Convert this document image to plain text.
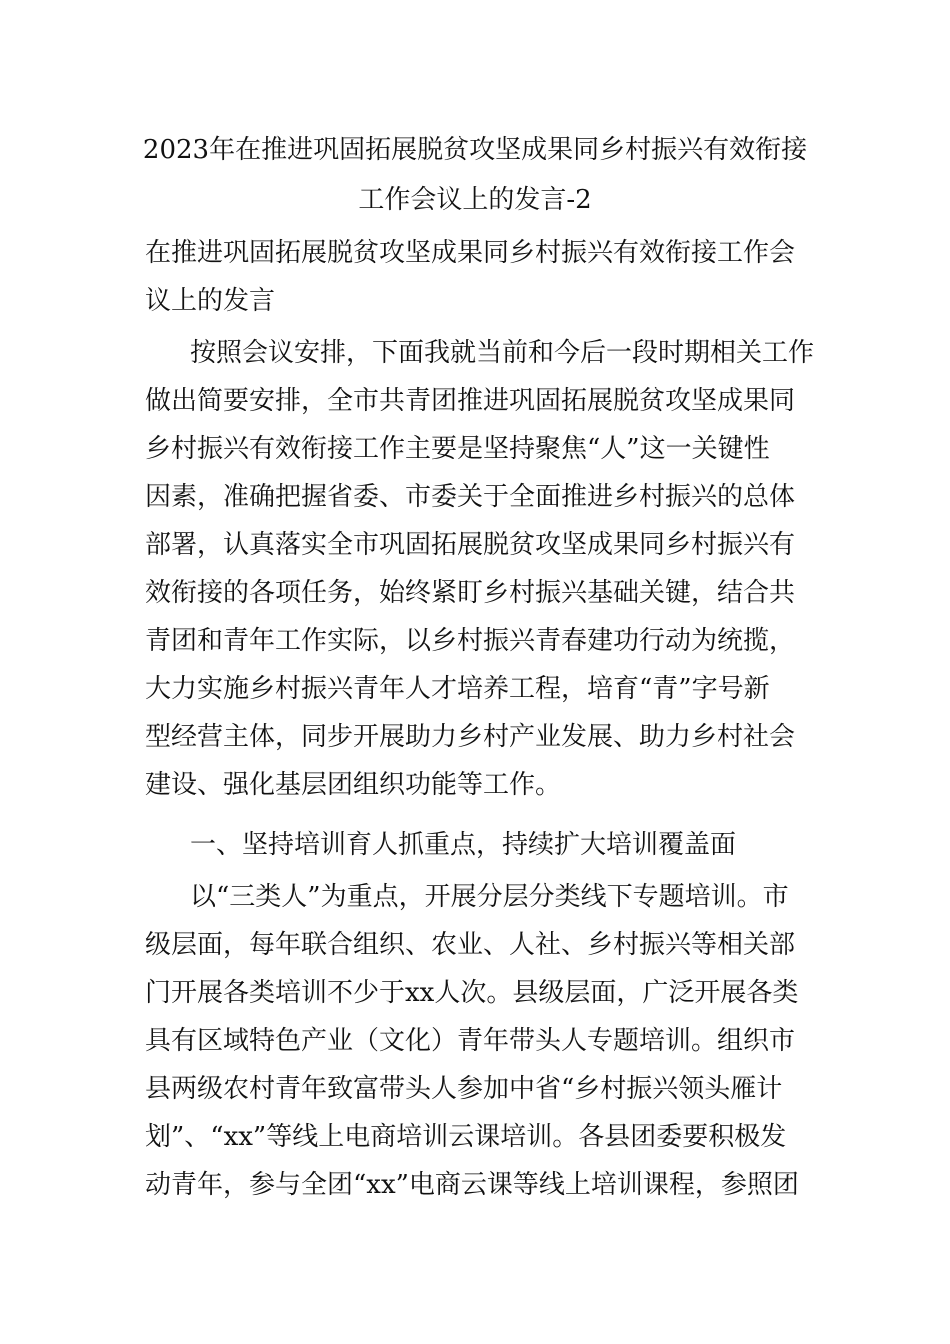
2023年在推进巩固拓展脱贫攻坚成果同乡村振兴有效衔接
工作会议上的发言-2
在推进巩固拓展脱贫攻坚成果同乡村振兴有效衔接工作会
议上的发言
按照会议安排，下面我就当前和今后一段时期相关工作
做出简要安排，全市共青团推进巩固拓展脱贫攻坚成果同
乡村振兴有效衔接工作主要是坚持聚焦“人”这一关键性
因素，准确把握省委、市委关于全面推进乡村振兴的总体
部署，认真落实全市巩固拓展脱贫攻坚成果同乡村振兴有
效衔接的各项任务，始终紧盯乡村振兴基础关键，结合共
青团和青年工作实际，以乡村振兴青春建功行动为统揽，
大力实施乡村振兴青年人才培养工程，培育“青”字号新
型经营主体，同步开展助力乡村产业发展、助力乡村社会
建设、强化基层团组织功能等工作。
一、坚持培训育人抓重点，持续扩大培训覆盖面
以“三类人”为重点，开展分层分类线下专题培训。市
级层面，每年联合组织、农业、人社、乡村振兴等相关部
门开展各类培训不少于xx人次。县级层面，广泛开展各类
具有区域特色产业（文化）青年带头人专题培训。组织市
县两级农村青年致富带头人参加中省“乡村振兴领头雁计
划”、“xx”等线上电商培训云课培训。各县团委要积极发
动青年，参与全团“xx”电商云课等线上培训课程，参照团
